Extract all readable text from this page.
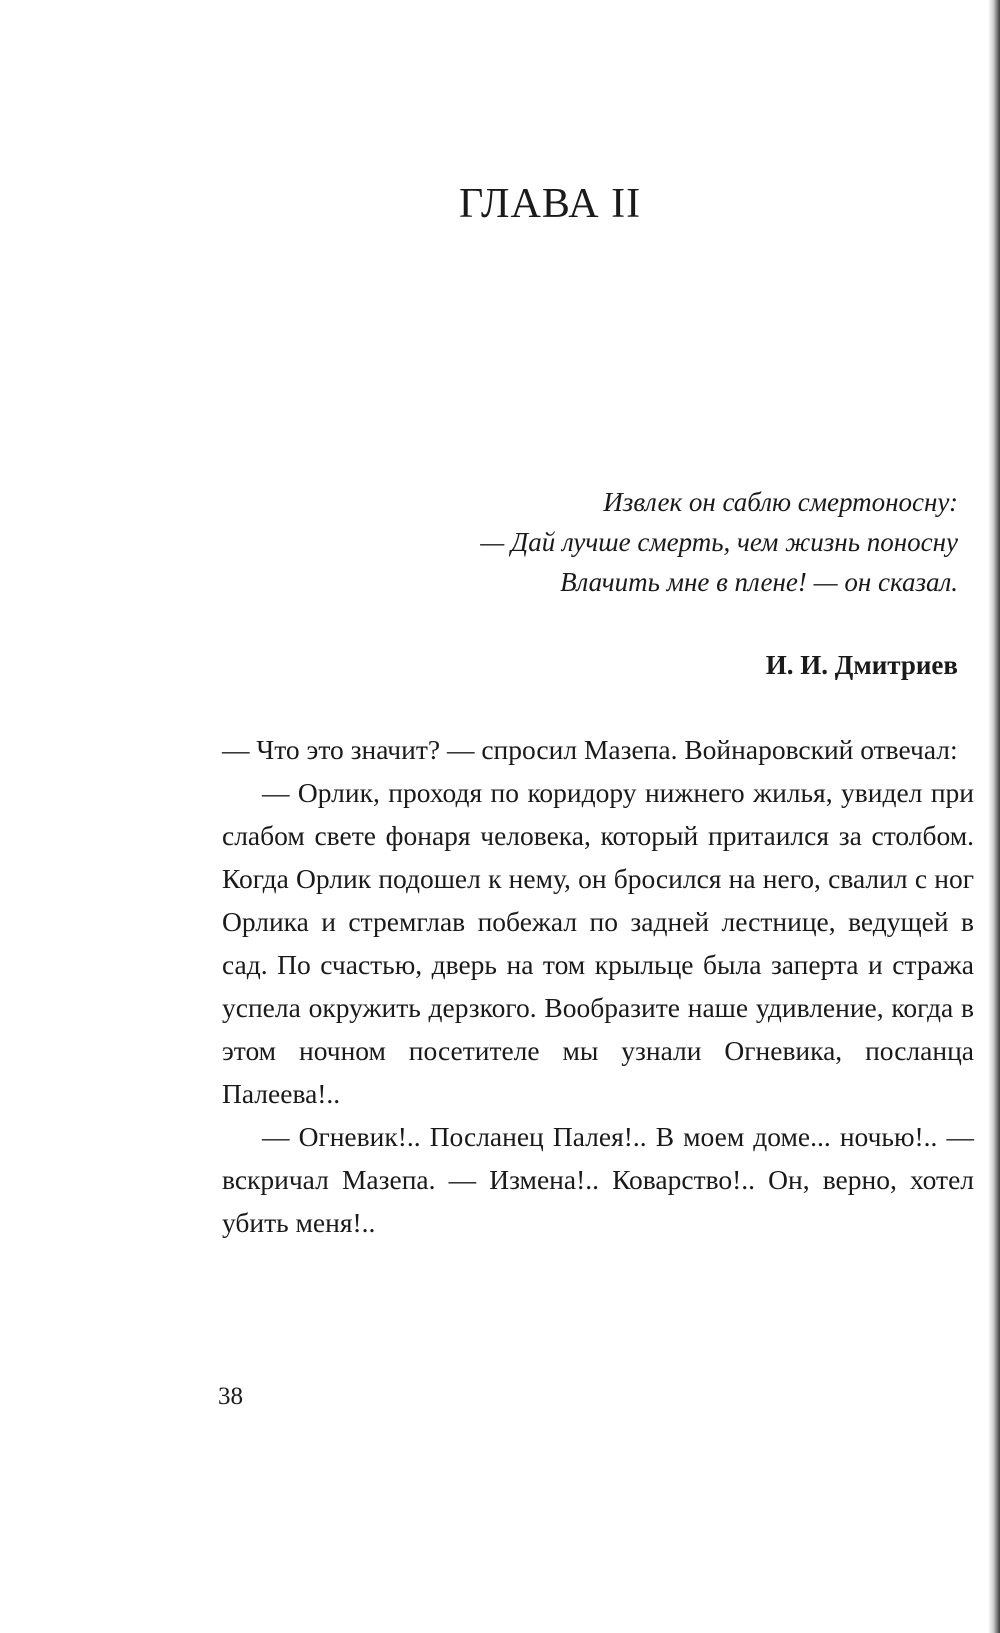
ГЛАВА II
Извлек он саблю смертоносну:
— Дай лучше смерть, чем жизнь поносну
Влачить мне в плене! — он сказал.
И. И. Дмитриев

— Что это значит? — спросил Мазепа. Войнаровский отвечал:

— Орлик, проходя по коридору нижнего жилья, увидел при слабом свете фонаря человека, который притаился за столбом. Когда Орлик подошел к нему, он бросился на него, свалил с ног Орлика и стремглав побежал по задней лестнице, ведущей в сад. По счастью, дверь на том крыльце была заперта и стража успела окружить дерзкого. Вообразите наше удивление, когда в этом ночном посетителе мы узнали Огневика, посланца Палеева!..

— Огневик!.. Посланец Палея!.. В моем доме... ночью!.. — вскричал Мазепа. — Измена!.. Коварство!.. Он, верно, хотел убить меня!..

38
